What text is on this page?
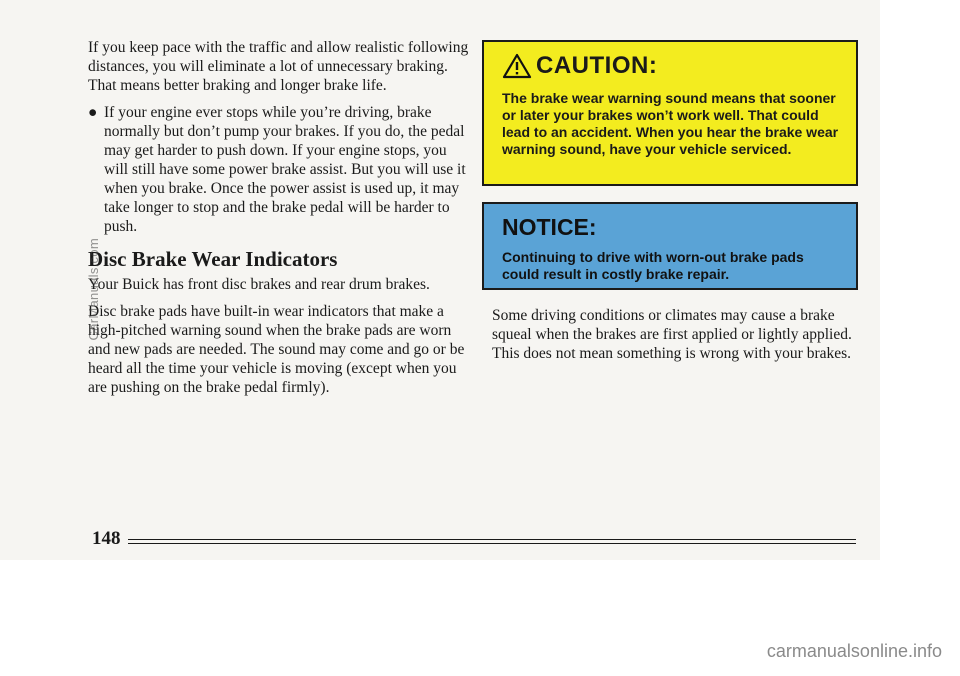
If you keep pace with the traffic and allow realistic following distances, you will eliminate a lot of unnecessary braking. That means better braking and longer brake life.

● If your engine ever stops while you’re driving, brake normally but don’t pump your brakes. If you do, the pedal may get harder to push down. If your engine stops, you will still have some power brake assist. But you will use it when you brake. Once the power assist is used up, it may take longer to stop and the brake pedal will be harder to push.

Disc Brake Wear Indicators

Your Buick has front disc brakes and rear drum brakes.

Disc brake pads have built-in wear indicators that make a high-pitched warning sound when the brake pads are worn and new pads are needed. The sound may come and go or be heard all the time your vehicle is moving (except when you are pushing on the brake pedal firmly).

CAUTION:
The brake wear warning sound means that sooner or later your brakes won’t work well. That could lead to an accident. When you hear the brake wear warning sound, have your vehicle serviced.
NOTICE:
Continuing to drive with worn-out brake pads could result in costly brake repair.

Some driving conditions or climates may cause a brake squeal when the brakes are first applied or lightly applied. This does not mean something is wrong with your brakes.

148
CarManuals.com
carmanualsonline.info
